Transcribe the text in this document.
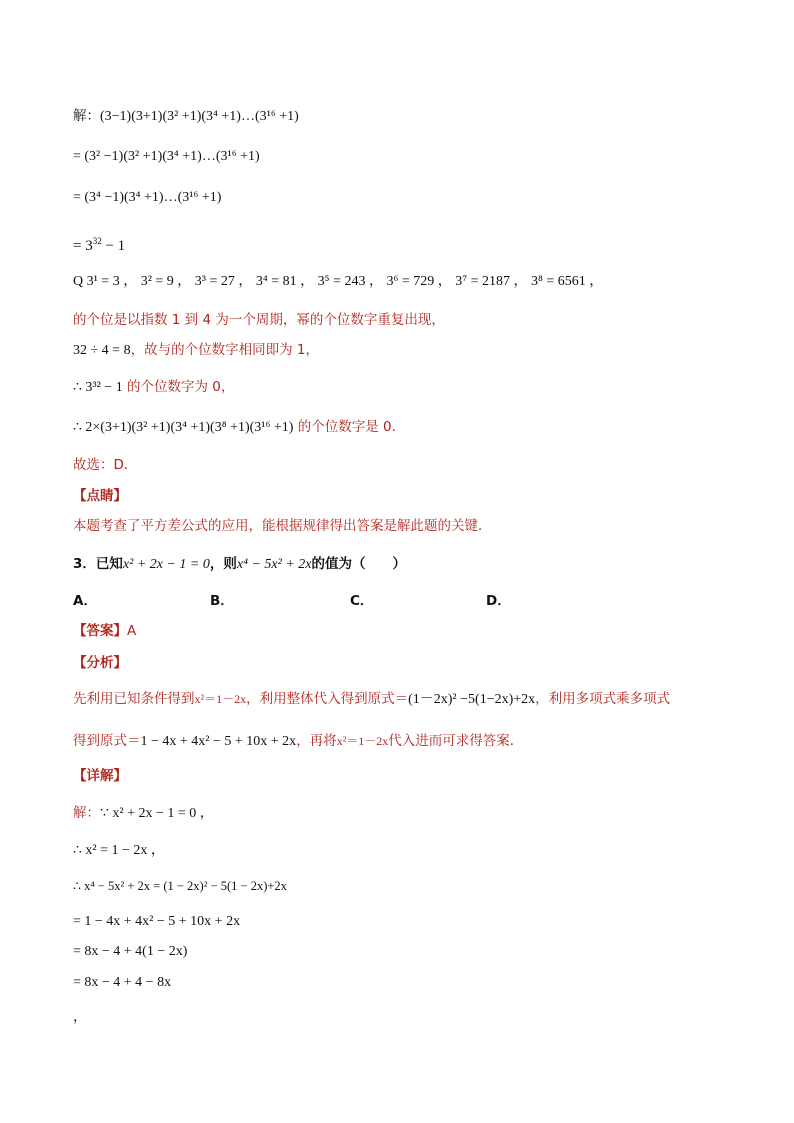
解：(3−1)(3+1)(3² +1)(3⁴ +1)…(3¹⁶ +1)
= (3² −1)(3² +1)(3⁴ +1)…(3¹⁶ +1)
= (3⁴ −1)(3⁴ +1)…(3¹⁶ +1)
= $3^{32} - 1$
Q 3¹ = 3 ， 3² = 9 ， 3³ = 27 ， 3⁴ = 81 ， 3⁵ = 243 ， 3⁶ = 729 ， 3⁷ = 2187 ， 3⁸ = 6561 ，
的个位是以指数 1 到 4 为一个周期，幂的个位数字重复出现，
32 ÷ 4 = 8，故与的个位数字相同即为 1，
∴ 3³² − 1 的个位数字为 0，
∴ 2×(3+1)(3² +1)(3⁴ +1)(3⁸ +1)(3¹⁶ +1) 的个位数字是 0．
故选：D．
【点睛】
本题考查了平方差公式的应用，能根据规律得出答案是解此题的关键．
3．已知x² + 2x − 1 = 0，则x⁴ − 5x² + 2x的值为（　　）
A．	B．	C．	D．
【答案】A
【分析】
先利用已知条件得到x²＝1－2x，利用整体代入得到原式＝(1－2x)² −5(1−2x)+2x，利用多项式乘多项式
得到原式＝1 − 4x + 4x² − 5 + 10x + 2x，再将x²＝1－2x代入进而可求得答案．
【详解】
解：∵ x² + 2x − 1 = 0 ，
∴ x² = 1 − 2x ，
∴ x⁴ − 5x² + 2x = (1 − 2x)² − 5(1 − 2x)+2x
= 1 − 4x + 4x² − 5 + 10x + 2x
= 8x − 4 + 4(1 − 2x)
= 8x − 4 + 4 − 8x
，
